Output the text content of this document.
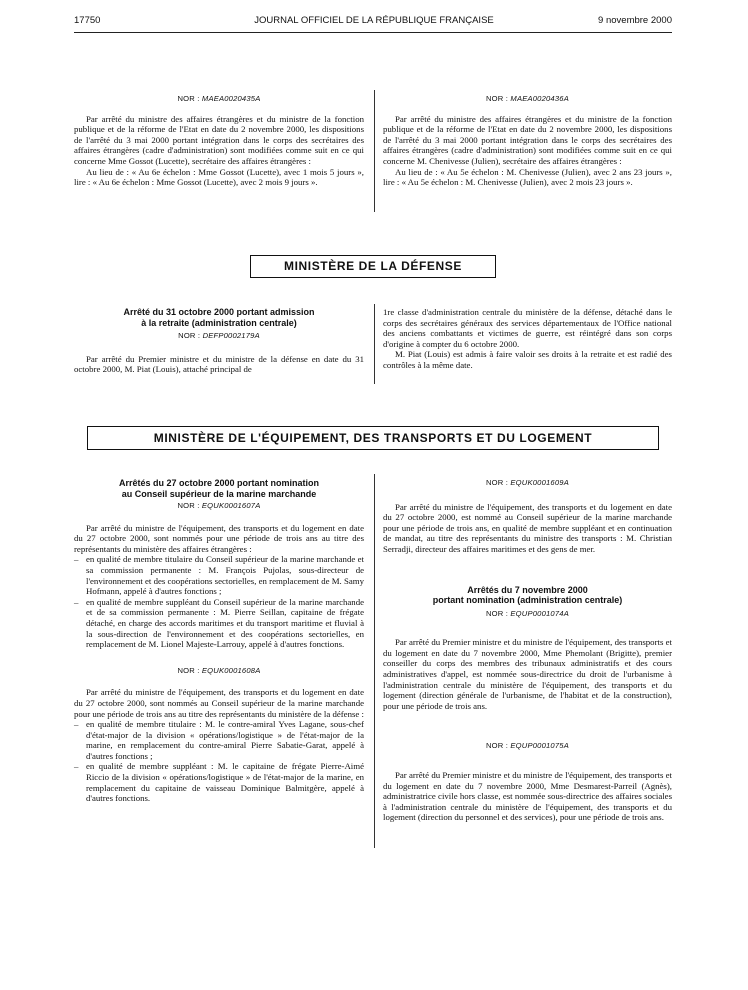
17750	JOURNAL OFFICIEL DE LA RÉPUBLIQUE FRANÇAISE	9 novembre 2000
NOR : MAEA0020435A

Par arrêté du ministre des affaires étrangères et du ministre de la fonction publique et de la réforme de l'Etat en date du 2 novembre 2000, les dispositions de l'arrêté du 3 mai 2000 portant intégration dans le corps des secrétaires des affaires étrangères (cadre d'administration) sont modifiées comme suit en ce qui concerne Mme Gossot (Lucette), secrétaire des affaires étrangères :

Au lieu de : « Au 6e échelon : Mme Gossot (Lucette), avec 1 mois 5 jours », lire : « Au 6e échelon : Mme Gossot (Lucette), avec 2 mois 9 jours ».

NOR : MAEA0020436A

Par arrêté du ministre des affaires étrangères et du ministre de la fonction publique et de la réforme de l'Etat en date du 2 novembre 2000, les dispositions de l'arrêté du 3 mai 2000 portant intégration dans le corps des secrétaires des affaires étrangères (cadre d'administration) sont modifiées comme suit en ce qui concerne M. Chenivesse (Julien), secrétaire des affaires étrangères :

Au lieu de : « Au 5e échelon : M. Chenivesse (Julien), avec 2 ans 23 jours », lire : « Au 5e échelon : M. Chenivesse (Julien), avec 2 mois 23 jours ».

MINISTÈRE DE LA DÉFENSE
Arrêté du 31 octobre 2000 portant admission
à la retraite (administration centrale)
NOR : DEFP0002179A

Par arrêté du Premier ministre et du ministre de la défense en date du 31 octobre 2000, M. Piat (Louis), attaché principal de

1re classe d'administration centrale du ministère de la défense, détaché dans le corps des secrétaires généraux des services départementaux de l'Office national des anciens combattants et victimes de guerre, est réintégré dans son corps d'origine à compter du 6 octobre 2000.

M. Piat (Louis) est admis à faire valoir ses droits à la retraite et est radié des contrôles à la même date.

MINISTÈRE DE L'ÉQUIPEMENT, DES TRANSPORTS ET DU LOGEMENT
Arrêtés du 27 octobre 2000 portant nomination
au Conseil supérieur de la marine marchande
NOR : EQUK0001607A

Par arrêté du ministre de l'équipement, des transports et du logement en date du 27 octobre 2000, sont nommés pour une période de trois ans au titre des représentants du ministère des affaires étrangères :

– en qualité de membre titulaire du Conseil supérieur de la marine marchande et sa commission permanente : M. François Pujolas, sous-directeur de l'environnement et des coopérations sectorielles, en remplacement de M. Samy Hofmann, appelé à d'autres fonctions ;
– en qualité de membre suppléant du Conseil supérieur de la marine marchande et de sa commission permanente : M. Pierre Seillan, capitaine de frégate détaché, en charge des accords maritimes et du transport maritime et fluvial à la sous-direction de l'environnement et des coopérations sectorielles, en remplacement de M. Lionel Majeste-Larrouy, appelé à d'autres fonctions.
NOR : EQUK0001608A

Par arrêté du ministre de l'équipement, des transports et du logement en date du 27 octobre 2000, sont nommés au Conseil supérieur de la marine marchande pour une période de trois ans au titre des représentants du ministère de la défense :

– en qualité de membre titulaire : M. le contre-amiral Yves Lagane, sous-chef d'état-major de la division « opérations/logistique » de l'état-major de la marine, en remplacement du contre-amiral Pierre Sabatie-Garat, appelé à d'autres fonctions ;
– en qualité de membre suppléant : M. le capitaine de frégate Pierre-Aimé Riccio de la division « opérations/logistique » de l'état-major de la marine, en remplacement du capitaine de vaisseau Dominique Balmitgère, appelé à d'autres fonctions.
NOR : EQUK0001609A

Par arrêté du ministre de l'équipement, des transports et du logement en date du 27 octobre 2000, est nommé au Conseil supérieur de la marine marchande pour une période de trois ans, en qualité de membre suppléant et en continuation de mandat, au titre des représentants du ministre des transports : M. Christian Serradji, directeur des affaires maritimes et des gens de mer.

Arrêtés du 7 novembre 2000
portant nomination (administration centrale)
NOR : EQUP0001074A

Par arrêté du Premier ministre et du ministre de l'équipement, des transports et du logement en date du 7 novembre 2000, Mme Phemolant (Brigitte), premier conseiller du corps des membres des tribunaux administratifs et des cours administratives d'appel, est nommée sous-directrice du droit de l'urbanisme à l'administration centrale du ministère de l'équipement, des transports et du logement (direction générale de l'urbanisme, de l'habitat et de la construction), pour une période de trois ans.

NOR : EQUP0001075A

Par arrêté du Premier ministre et du ministre de l'équipement, des transports et du logement en date du 7 novembre 2000, Mme Desmarest-Parreil (Agnès), administratrice civile hors classe, est nommée sous-directrice des affaires sociales à l'administration centrale du ministère de l'équipement, des transports et du logement (direction du personnel et des services), pour une période de trois ans.
